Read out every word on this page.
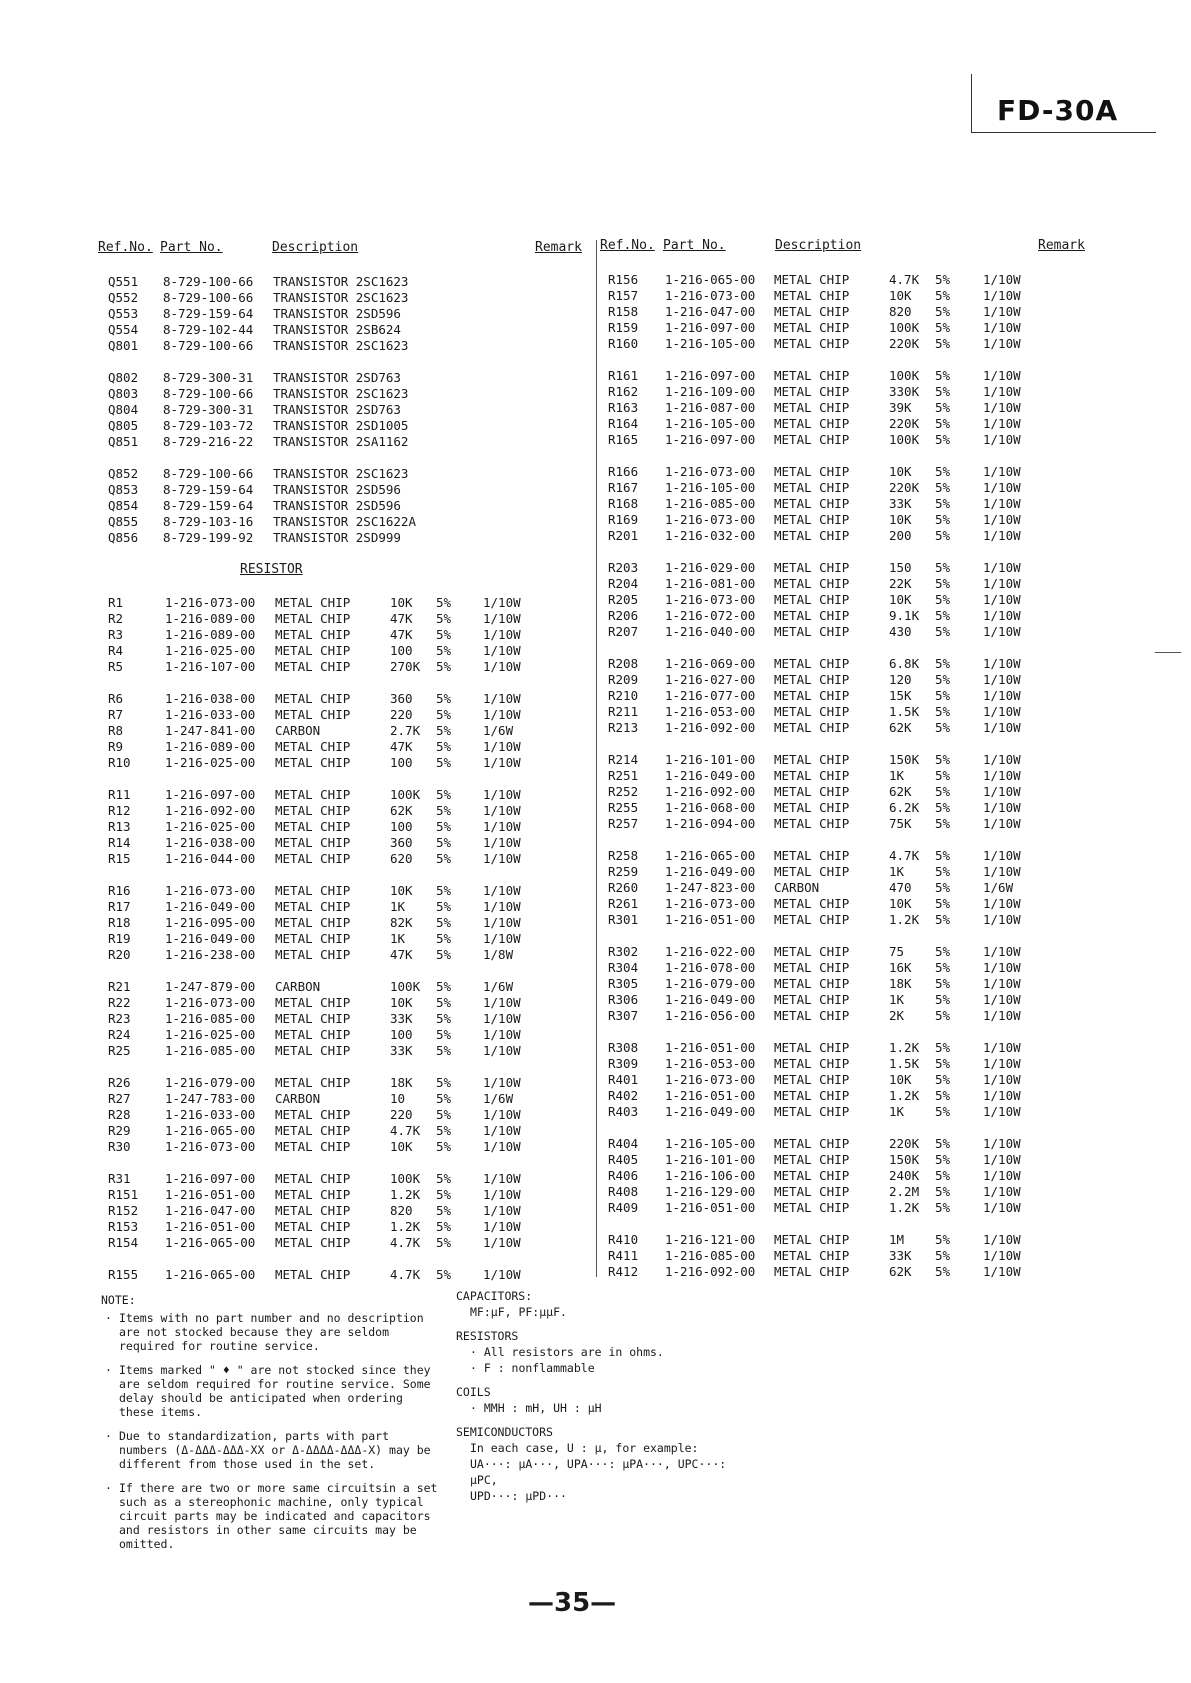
FD-30A
Ref.No. Part No.	Description	Remark Ref.No. Part No.	Description	Remark
Q551 8-729-100-66 TRANSISTOR 2SC1623
Q552 8-729-100-66 TRANSISTOR 2SC1623
Q553 8-729-159-64 TRANSISTOR 2SD596
Q554 8-729-102-44 TRANSISTOR 2SB624
Q801 8-729-100-66 TRANSISTOR 2SC1623
Q802 8-729-300-31 TRANSISTOR 2SD763
Q803 8-729-100-66 TRANSISTOR 2SC1623
Q804 8-729-300-31 TRANSISTOR 2SD763
Q805 8-729-103-72 TRANSISTOR 2SD1005
Q851 8-729-216-22 TRANSISTOR 2SA1162
Q852 8-729-100-66 TRANSISTOR 2SC1623
Q853 8-729-159-64 TRANSISTOR 2SD596
Q854 8-729-159-64 TRANSISTOR 2SD596
Q855 8-729-103-16 TRANSISTOR 2SC1622A
Q856 8-729-199-92 TRANSISTOR 2SD999
RESISTOR
R1	1-216-073-00 METAL CHIP	10K 5%	1/10W
R2	1-216-089-00 METAL CHIP	47K 5%	1/10W
R3	1-216-089-00 METAL CHIP	47K 5%	1/10W
R4	1-216-025-00 METAL CHIP	100 5%	1/10W
R5	1-216-107-00 METAL CHIP	270K 5%	1/10W
R6	1-216-038-00 METAL CHIP	360 5%	1/10W
R7	1-216-033-00 METAL CHIP	220 5%	1/10W
R8	1-247-841-00 CARBON	2.7K 5%	1/6W
R9	1-216-089-00 METAL CHIP	47K 5%	1/10W
R10	1-216-025-00 METAL CHIP	100 5%	1/10W
R11	1-216-097-00 METAL CHIP	100K 5%	1/10W
R12	1-216-092-00 METAL CHIP	62K 5%	1/10W
R13	1-216-025-00 METAL CHIP	100 5%	1/10W
R14	1-216-038-00 METAL CHIP	360 5%	1/10W
R15	1-216-044-00 METAL CHIP	620 5%	1/10W
R16	1-216-073-00 METAL CHIP	10K 5%	1/10W
R17	1-216-049-00 METAL CHIP	1K 5%	1/10W
R18	1-216-095-00 METAL CHIP	82K 5%	1/10W
R19	1-216-049-00 METAL CHIP	1K 5%	1/10W
R20	1-216-238-00 METAL CHIP	47K 5%	1/8W
R21	1-247-879-00 CARBON	100K 5%	1/6W
R22	1-216-073-00 METAL CHIP	10K 5%	1/10W
R23	1-216-085-00 METAL CHIP	33K 5%	1/10W
R24	1-216-025-00 METAL CHIP	100 5%	1/10W
R25	1-216-085-00 METAL CHIP	33K 5%	1/10W
R26	1-216-079-00 METAL CHIP	18K 5%	1/10W
R27	1-247-783-00 CARBON	10 5%	1/6W
R28	1-216-033-00 METAL CHIP	220 5%	1/10W
R29	1-216-065-00 METAL CHIP	4.7K 5%	1/10W
R30	1-216-073-00 METAL CHIP	10K 5%	1/10W
R31	1-216-097-00 METAL CHIP	100K 5%	1/10W
R151 1-216-051-00 METAL CHIP	1.2K 5%	1/10W
R152 1-216-047-00 METAL CHIP	820 5%	1/10W
R153 1-216-051-00 METAL CHIP	1.2K 5%	1/10W
R154 1-216-065-00 METAL CHIP	4.7K 5%	1/10W
R155 1-216-065-00 METAL CHIP	4.7K 5%	1/10W
R156 1-216-065-00 METAL CHIP	4.7K 5%	1/10W
R157 1-216-073-00 METAL CHIP	10K 5%	1/10W
R158 1-216-047-00 METAL CHIP	820 5%	1/10W
R159 1-216-097-00 METAL CHIP	100K 5%	1/10W
R160 1-216-105-00 METAL CHIP	220K 5%	1/10W
R161 1-216-097-00 METAL CHIP	100K 5%	1/10W
R162 1-216-109-00 METAL CHIP	330K 5%	1/10W
R163 1-216-087-00 METAL CHIP	39K 5%	1/10W
R164 1-216-105-00 METAL CHIP	220K 5%	1/10W
R165 1-216-097-00 METAL CHIP	100K 5%	1/10W
R166 1-216-073-00 METAL CHIP	10K 5%	1/10W
R167 1-216-105-00 METAL CHIP	220K 5%	1/10W
R168 1-216-085-00 METAL CHIP	33K 5%	1/10W
R169 1-216-073-00 METAL CHIP	10K 5%	1/10W
R201 1-216-032-00 METAL CHIP	200 5%	1/10W
R203 1-216-029-00 METAL CHIP	150 5%	1/10W
R204 1-216-081-00 METAL CHIP	22K 5%	1/10W
R205 1-216-073-00 METAL CHIP	10K 5%	1/10W
R206 1-216-072-00 METAL CHIP	9.1K 5%	1/10W
R207 1-216-040-00 METAL CHIP	430 5%	1/10W
R208 1-216-069-00 METAL CHIP	6.8K 5%	1/10W
R209 1-216-027-00 METAL CHIP	120 5%	1/10W
R210 1-216-077-00 METAL CHIP	15K 5%	1/10W
R211 1-216-053-00 METAL CHIP	1.5K 5%	1/10W
R213 1-216-092-00 METAL CHIP	62K 5%	1/10W
R214 1-216-101-00 METAL CHIP	150K 5%	1/10W
R251 1-216-049-00 METAL CHIP	1K 5%	1/10W
R252 1-216-092-00 METAL CHIP	62K 5%	1/10W
R255 1-216-068-00 METAL CHIP	6.2K 5%	1/10W
R257 1-216-094-00 METAL CHIP	75K 5%	1/10W
R258 1-216-065-00 METAL CHIP	4.7K 5%	1/10W
R259 1-216-049-00 METAL CHIP	1K 5%	1/10W
R260 1-247-823-00 CARBON	470 5%	1/6W
R261 1-216-073-00 METAL CHIP	10K 5%	1/10W
R301 1-216-051-00 METAL CHIP	1.2K 5%	1/10W
R302 1-216-022-00 METAL CHIP	75 5%	1/10W
R304 1-216-078-00 METAL CHIP	16K 5%	1/10W
R305 1-216-079-00 METAL CHIP	18K 5%	1/10W
R306 1-216-049-00 METAL CHIP	1K 5%	1/10W
R307 1-216-056-00 METAL CHIP	2K 5%	1/10W
R308 1-216-051-00 METAL CHIP	1.2K 5%	1/10W
R309 1-216-053-00 METAL CHIP	1.5K 5%	1/10W
R401 1-216-073-00 METAL CHIP	10K 5%	1/10W
R402 1-216-051-00 METAL CHIP	1.2K 5%	1/10W
R403 1-216-049-00 METAL CHIP	1K 5%	1/10W
R404 1-216-105-00 METAL CHIP	220K 5%	1/10W
R405 1-216-101-00 METAL CHIP	150K 5%	1/10W
R406 1-216-106-00 METAL CHIP	240K 5%	1/10W
R408 1-216-129-00 METAL CHIP	2.2M 5%	1/10W
R409 1-216-051-00 METAL CHIP	1.2K 5%	1/10W
R410 1-216-121-00 METAL CHIP	1M 5%	1/10W
R411 1-216-085-00 METAL CHIP	33K 5%	1/10W
R412 1-216-092-00 METAL CHIP	62K 5%	1/10W
NOTE:
· Items with no part number and no description are not stocked because they are seldom required for routine service.
· Items marked " ♦ " are not stocked since they are seldom required for routine service. Some delay should be anticipated when ordering these items.
· Due to standardization, parts with part numbers (Δ-ΔΔΔ-ΔΔΔ-XX or Δ-ΔΔΔΔ-ΔΔΔ-X) may be different from those used in the set.
· If there are two or more same circuitsin a set such as a stereophonic machine, only typical circuit parts may be indicated and capacitors and resistors in other same circuits may be omitted.
CAPACITORS:
MF:μF, PF:μμF.
RESISTORS
· All resistors are in ohms.
· F : nonflammable
COILS
· MMH : mH, UH : μH
SEMICONDUCTORS
In each case, U : μ, for example:
UA···: μA···, UPA···: μPA···, UPC···: μPC,
UPD···: μPD···
—35—
